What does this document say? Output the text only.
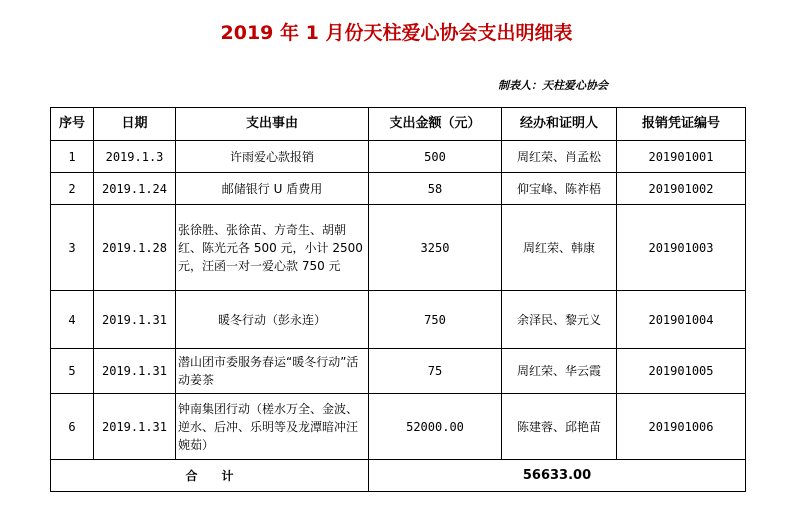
2019 年 1 月份天柱爱心协会支出明细表
制表人：天柱爱心协会
序号	日期	支出事由	支出金额（元）	经办和证明人	报销凭证编号
1	2019.1.3	许雨爱心款报销	500	周红荣、肖孟松	201901001
2	2019.1.24	邮储银行 U 盾费用	58	仰宝峰、陈祚梧	201901002
3	2019.1.28	张徐胜、张徐苗、方奇生、胡朝红、陈光元各 500 元，小计 2500 元，汪函一对一爱心款 750 元	3250	周红荣、韩康	201901003
4	2019.1.31	暖冬行动（彭永连）	750	余泽民、黎元义	201901004
5	2019.1.31	潜山团市委服务春运“暖冬行动”活动姜茶	75	周红荣、华云霞	201901005
6	2019.1.31	钟南集团行动（槎水万全、金波、逆水、后冲、乐明等及龙潭暗冲汪婉茹）	52000.00	陈建蓉、邱艳苗	201901006
合　　计			56633.00		
